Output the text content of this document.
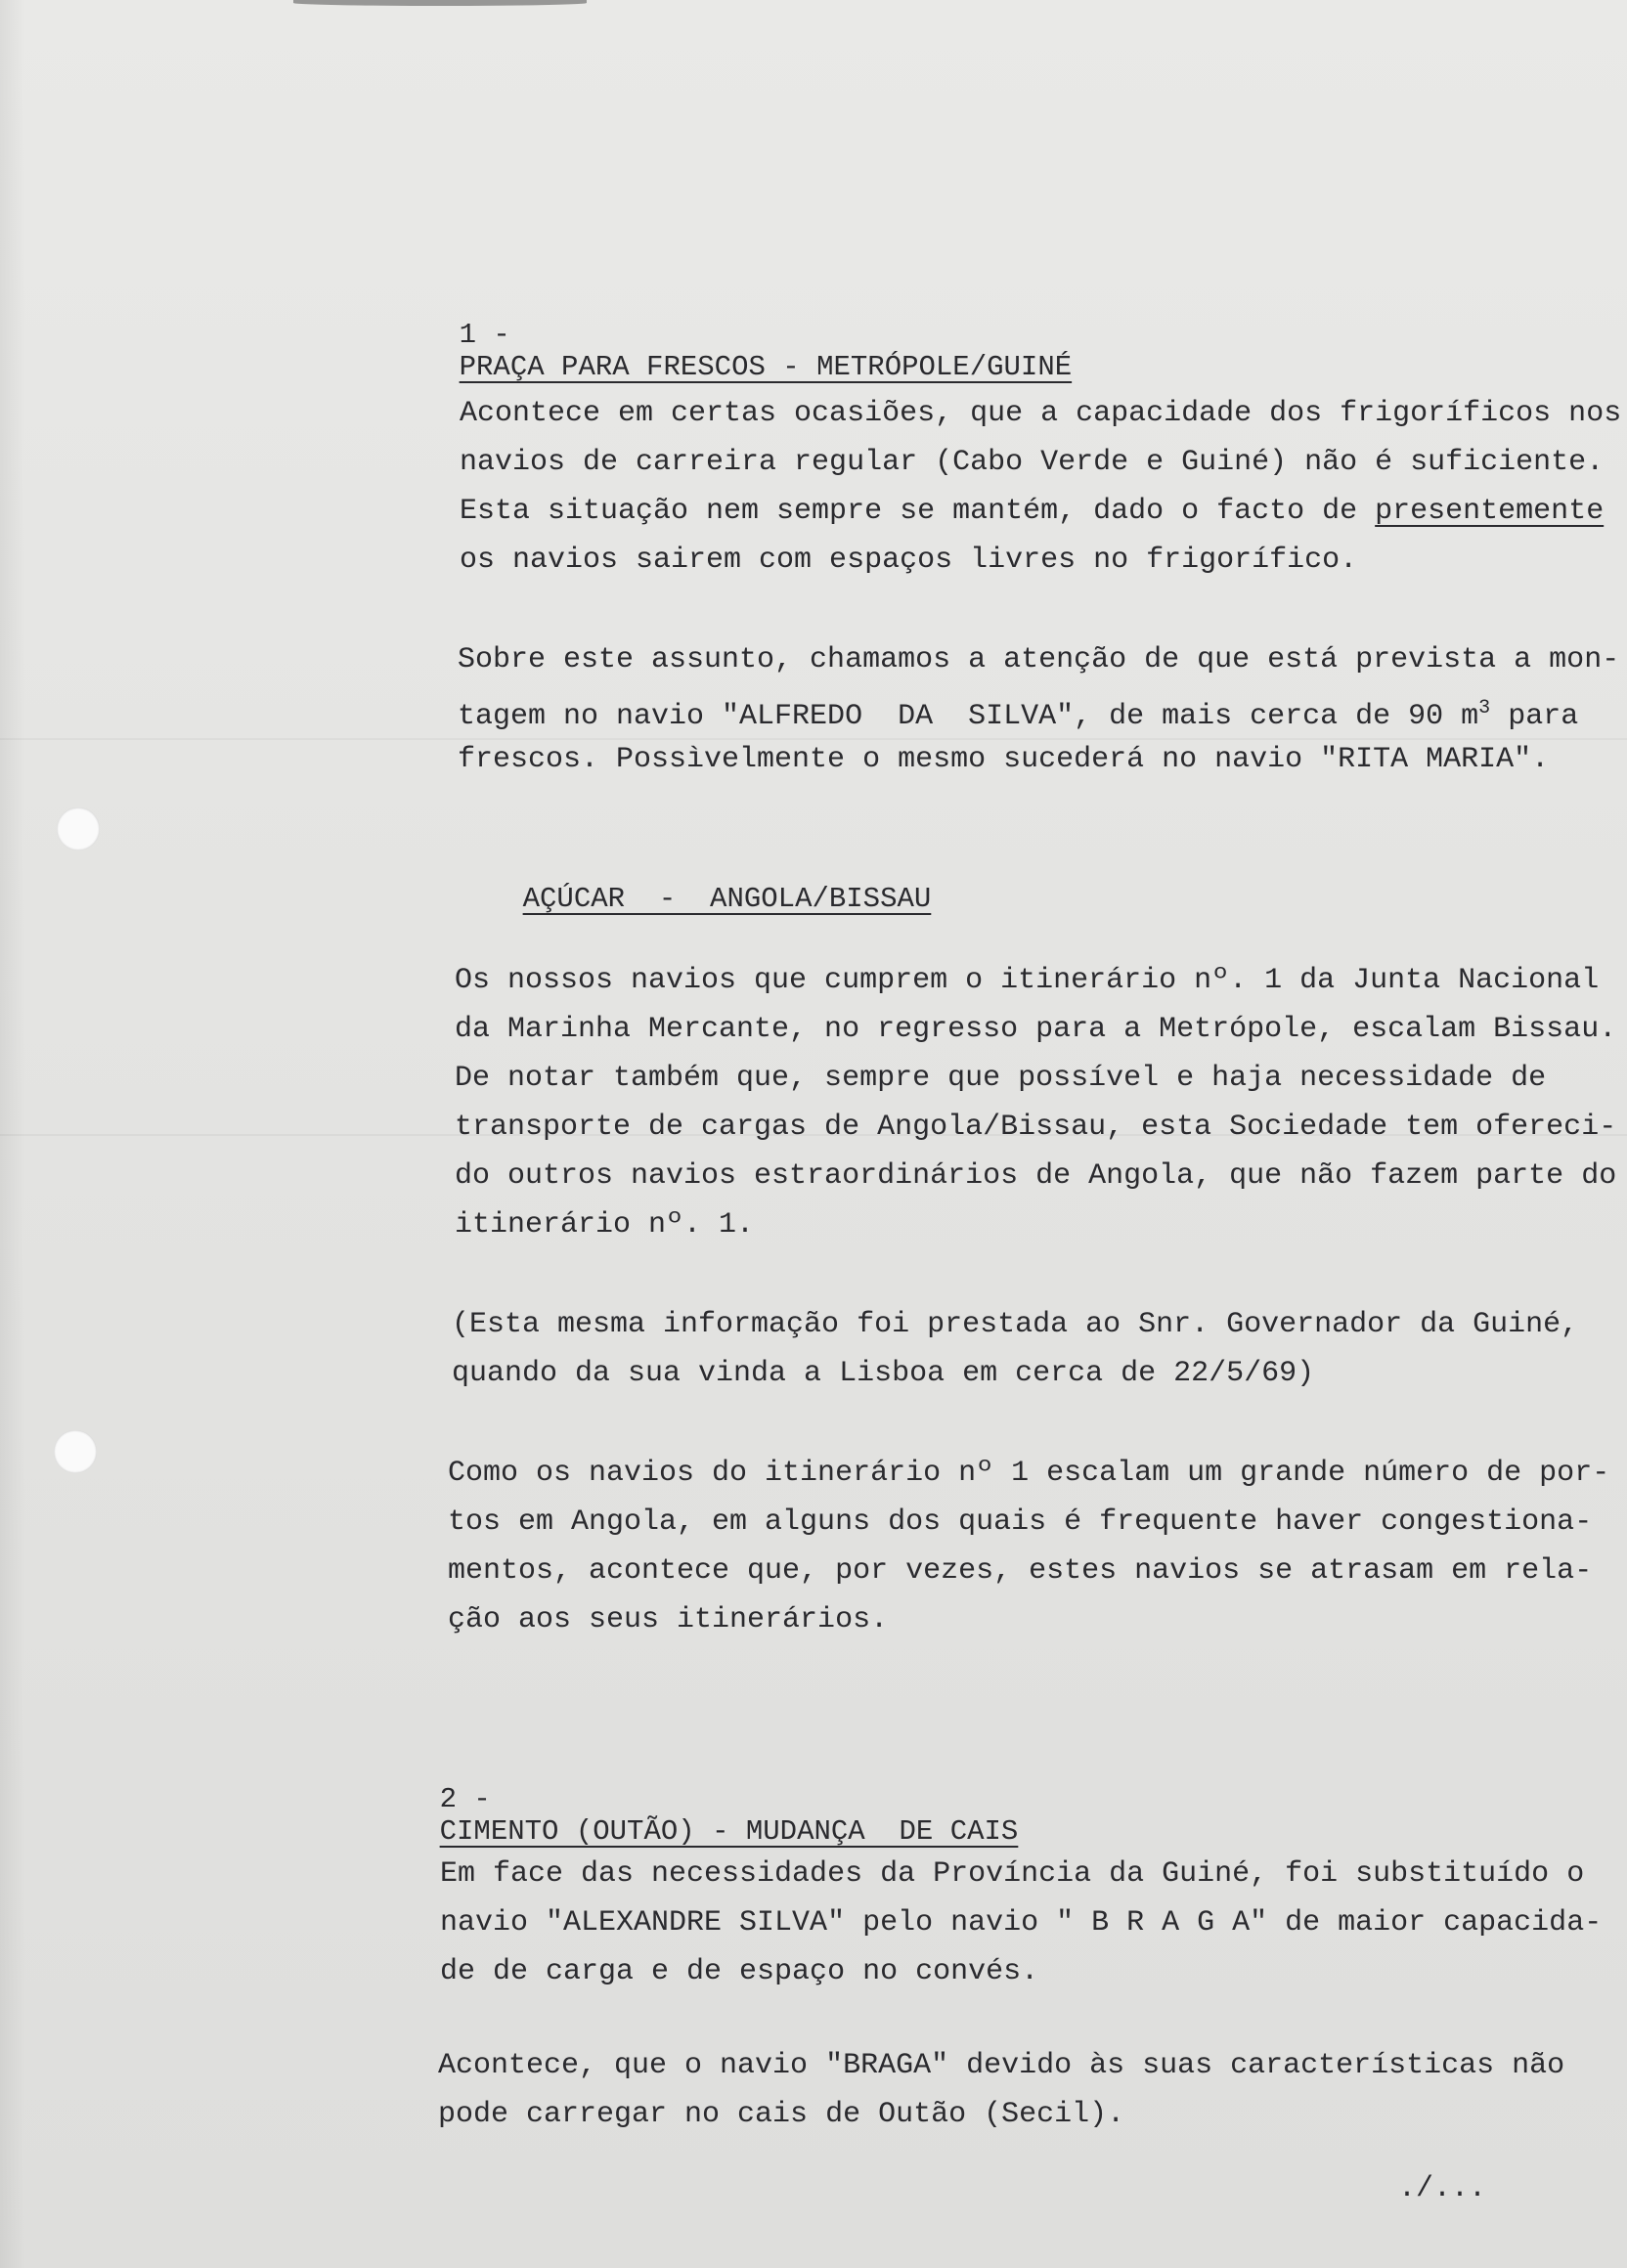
1 -
PRAÇA PARA FRESCOS - METRÓPOLE/GUINÉ

Acontece em certas ocasiões, que a capacidade dos frigoríficos nos
navios de carreira regular (Cabo Verde e Guiné) não é suficiente.
Esta situação nem sempre se mantém, dado o facto de presentemente
os navios sairem com espaços livres no frigorífico.
Sobre este assunto, chamamos a atenção de que está prevista a mon-
tagem no navio "ALFREDO  DA  SILVA", de mais cerca de 90 $m^3$ para
frescos. Possìvelmente o mesmo sucederá no navio "RITA MARIA".

AÇÚCAR  -  ANGOLA/BISSAU

Os nossos navios que cumprem o itinerário nº. 1 da Junta Nacional
da Marinha Mercante, no regresso para a Metrópole, escalam Bissau.
De notar também que, sempre que possível e haja necessidade de
transporte de cargas de Angola/Bissau, esta Sociedade tem ofereci-
do outros navios estraordinários de Angola, que não fazem parte do
itinerário nº. 1.
(Esta mesma informação foi prestada ao Snr. Governador da Guiné,
quando da sua vinda a Lisboa em cerca de 22/5/69)
Como os navios do itinerário nº 1 escalam um grande número de por-
tos em Angola, em alguns dos quais é frequente haver congestiona-
mentos, acontece que, por vezes, estes navios se atrasam em rela-
ção aos seus itinerários.

2 -
CIMENTO (OUTÃO) - MUDANÇA  DE CAIS

Em face das necessidades da Província da Guiné, foi substituído o
navio "ALEXANDRE SILVA" pelo navio " B R A G A" de maior capacida-
de de carga e de espaço no convés.
Acontece, que o navio "BRAGA" devido às suas características não
pode carregar no cais de Outão (Secil).
./...
